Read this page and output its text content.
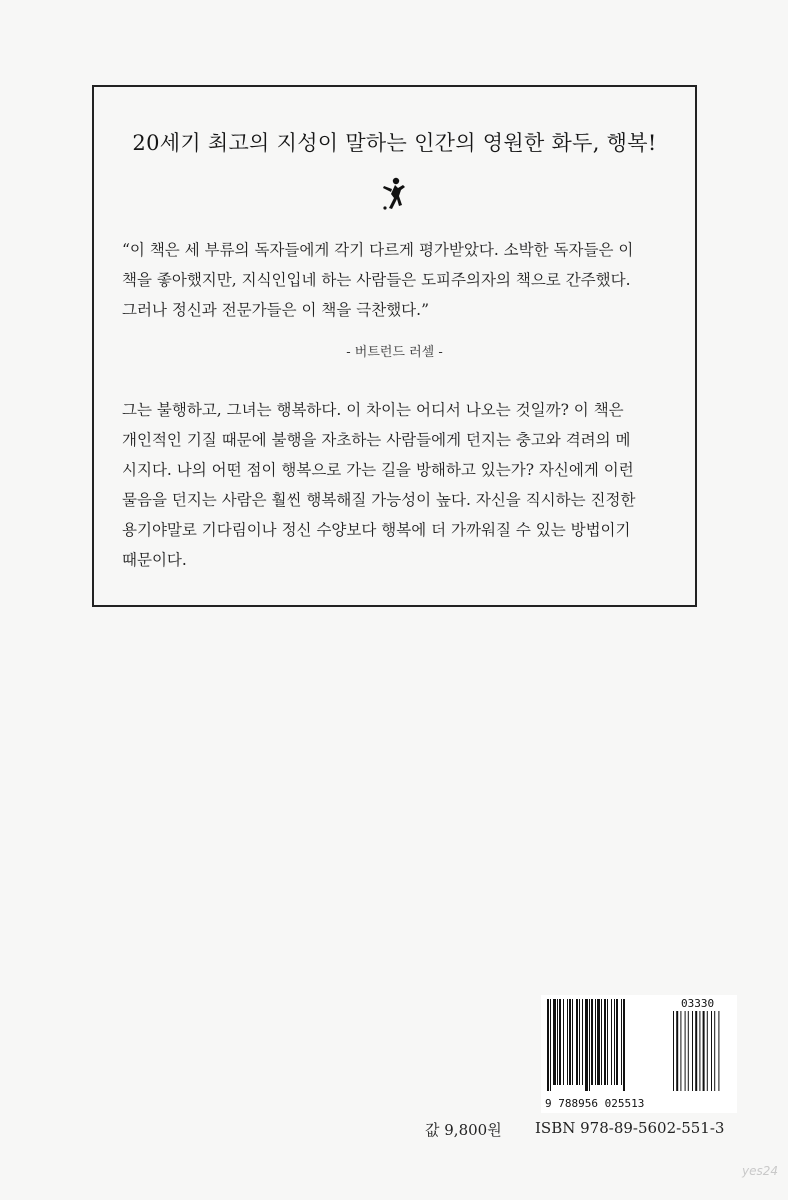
20세기 최고의 지성이 말하는 인간의 영원한 화두, 행복!
“이 책은 세 부류의 독자들에게 각기 다르게 평가받았다. 소박한 독자들은 이
책을 좋아했지만, 지식인입네 하는 사람들은 도피주의자의 책으로 간주했다.
그러나 정신과 전문가들은 이 책을 극찬했다.”
- 버트런드 러셀 -
그는 불행하고, 그녀는 행복하다. 이 차이는 어디서 나오는 것일까? 이 책은
개인적인 기질 때문에 불행을 자초하는 사람들에게 던지는 충고와 격려의 메
시지다. 나의 어떤 점이 행복으로 가는 길을 방해하고 있는가? 자신에게 이런
물음을 던지는 사람은 훨씬 행복해질 가능성이 높다. 자신을 직시하는 진정한
용기야말로 기다림이나 정신 수양보다 행복에 더 가까워질 수 있는 방법이기
때문이다.
9 788956 025513
03330
값 9,800원 ISBN 978-89-5602-551-3
yes24
